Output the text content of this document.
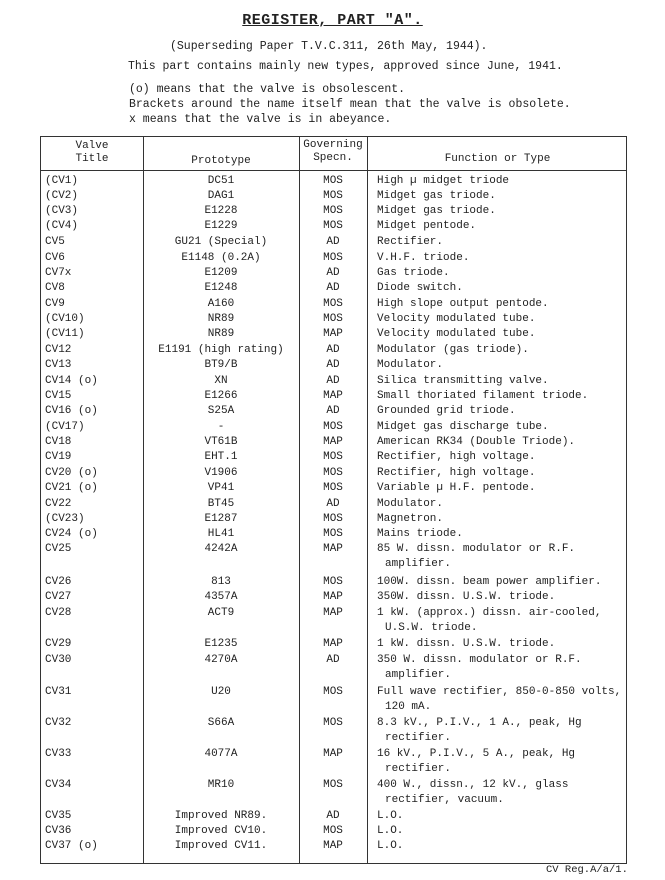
REGISTER, PART "A".
(Superseding Paper T.V.C.311, 26th May, 1944).
This part contains mainly new types, approved since June, 1941.
(o) means that the valve is obsolescent.
Brackets around the name itself mean that the valve is obsolete.
x means that the valve is in abeyance.
Valve
Title	Prototype
Governing
Specn.	Function or Type
(CV1)	DC51	MOS	High µ midget triode
(CV2)	DAG1	MOS	Midget gas triode.
(CV3)	E1228	MOS	Midget gas triode.
(CV4)	E1229	MOS	Midget pentode.
CV5	GU21 (Special)	AD	Rectifier.
CV6	E1148 (0.2A)	MOS	V.H.F. triode.
CV7x	E1209	AD	Gas triode.
CV8	E1248	AD	Diode switch.
CV9	A160	MOS	High slope output pentode.
(CV10)	NR89	MOS	Velocity modulated tube.
(CV11)	NR89	MAP	Velocity modulated tube.
CV12	E1191 (high rating)	AD	Modulator (gas triode).
CV13	BT9/B	AD	Modulator.
CV14 (o)	XN	AD	Silica transmitting valve.
CV15	E1266	MAP	Small thoriated filament triode.
CV16 (o)	S25A	AD	Grounded grid triode.
(CV17)	-	MOS	Midget gas discharge tube.
CV18	VT61B	MAP	American RK34 (Double Triode).
CV19	EHT.1	MOS	Rectifier, high voltage.
CV20 (o)	V1906	MOS	Rectifier, high voltage.
CV21 (o)	VP41	MOS	Variable µ H.F. pentode.
CV22	BT45	AD	Modulator.
(CV23)	E1287	MOS	Magnetron.
CV24 (o)	HL41	MOS	Mains triode.
CV25	4242A	MAP	85 W. dissn. modulator or R.F.
amplifier.
CV26	813	MOS	100W. dissn. beam power amplifier.
CV27	4357A	MAP	350W. dissn. U.S.W. triode.
CV28	ACT9	MAP	1 kW. (approx.) dissn. air-cooled,
U.S.W. triode.
CV29	E1235	MAP	1 kW. dissn. U.S.W. triode.
CV30	4270A	AD	350 W. dissn. modulator or R.F.
amplifier.
CV31	U20	MOS	Full wave rectifier, 850-0-850 volts,
120 mA.
CV32	S66A	MOS	8.3 kV., P.I.V., 1 A., peak, Hg
rectifier.
CV33	4077A	MAP	16 kV., P.I.V., 5 A., peak, Hg
rectifier.
CV34	MR10	MOS	400 W., dissn., 12 kV., glass
rectifier, vacuum.
CV35	Improved NR89.	AD	L.O.
CV36	Improved CV10.	MOS	L.O.
CV37 (o)	Improved CV11.	MAP	L.O.
CV Reg.A/a/1.
